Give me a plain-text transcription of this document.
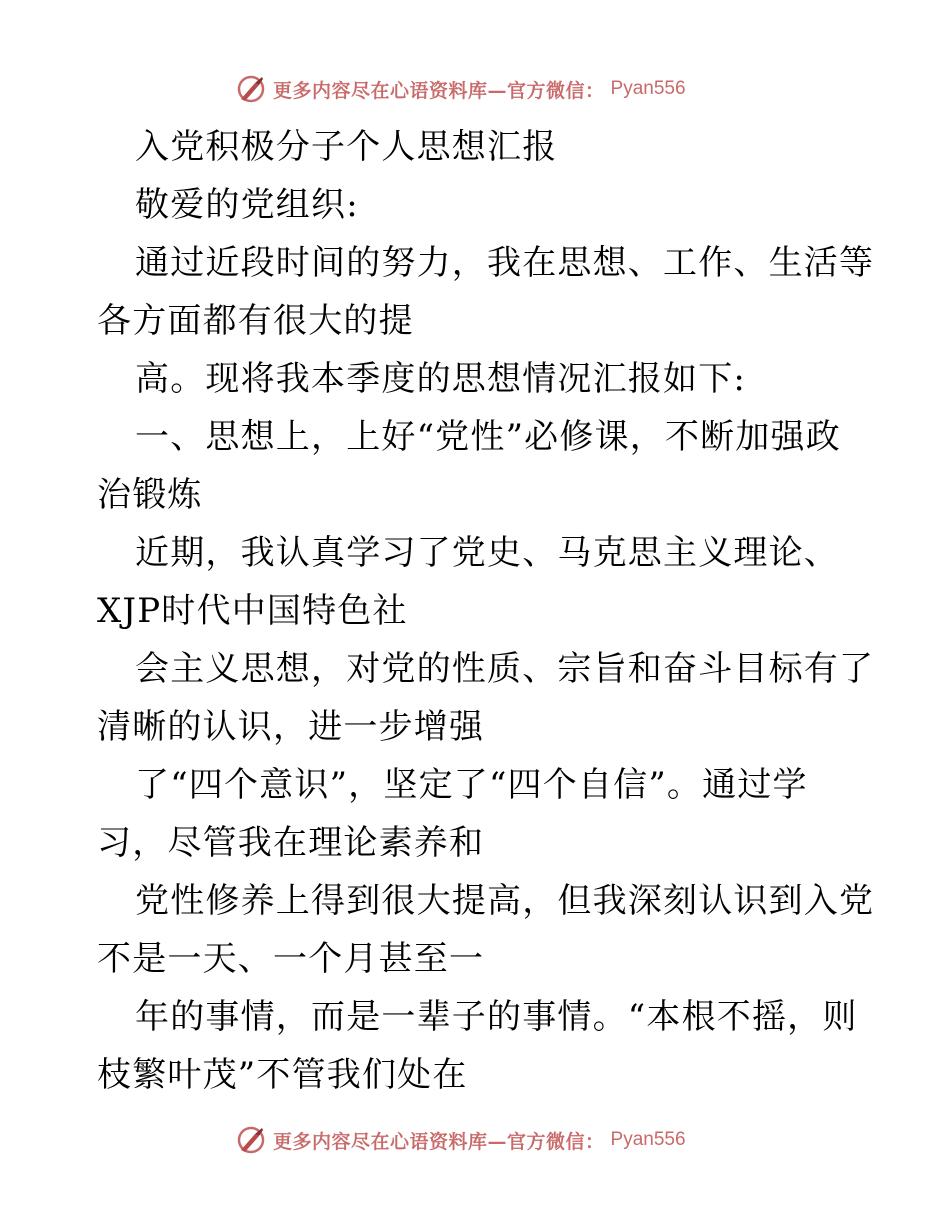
更多内容尽在心语资料库—官方微信： Pyan556
入党积极分子个人思想汇报
敬爱的党组织:
通过近段时间的努力，我在思想、工作、生活等
各方面都有很大的提
高。现将我本季度的思想情况汇报如下:
一、思想上，上好“党性”必修课，不断加强政
治锻炼
近期，我认真学习了党史、马克思主义理论、
XJP时代中国特色社
会主义思想，对党的性质、宗旨和奋斗目标有了
清晰的认识，进一步增强
了“四个意识”，坚定了“四个自信”。通过学
习，尽管我在理论素养和
党性修养上得到很大提高，但我深刻认识到入党
不是一天、一个月甚至一
年的事情，而是一辈子的事情。“本根不摇，则
枝繁叶茂”不管我们处在
更多内容尽在心语资料库—官方微信： Pyan556
